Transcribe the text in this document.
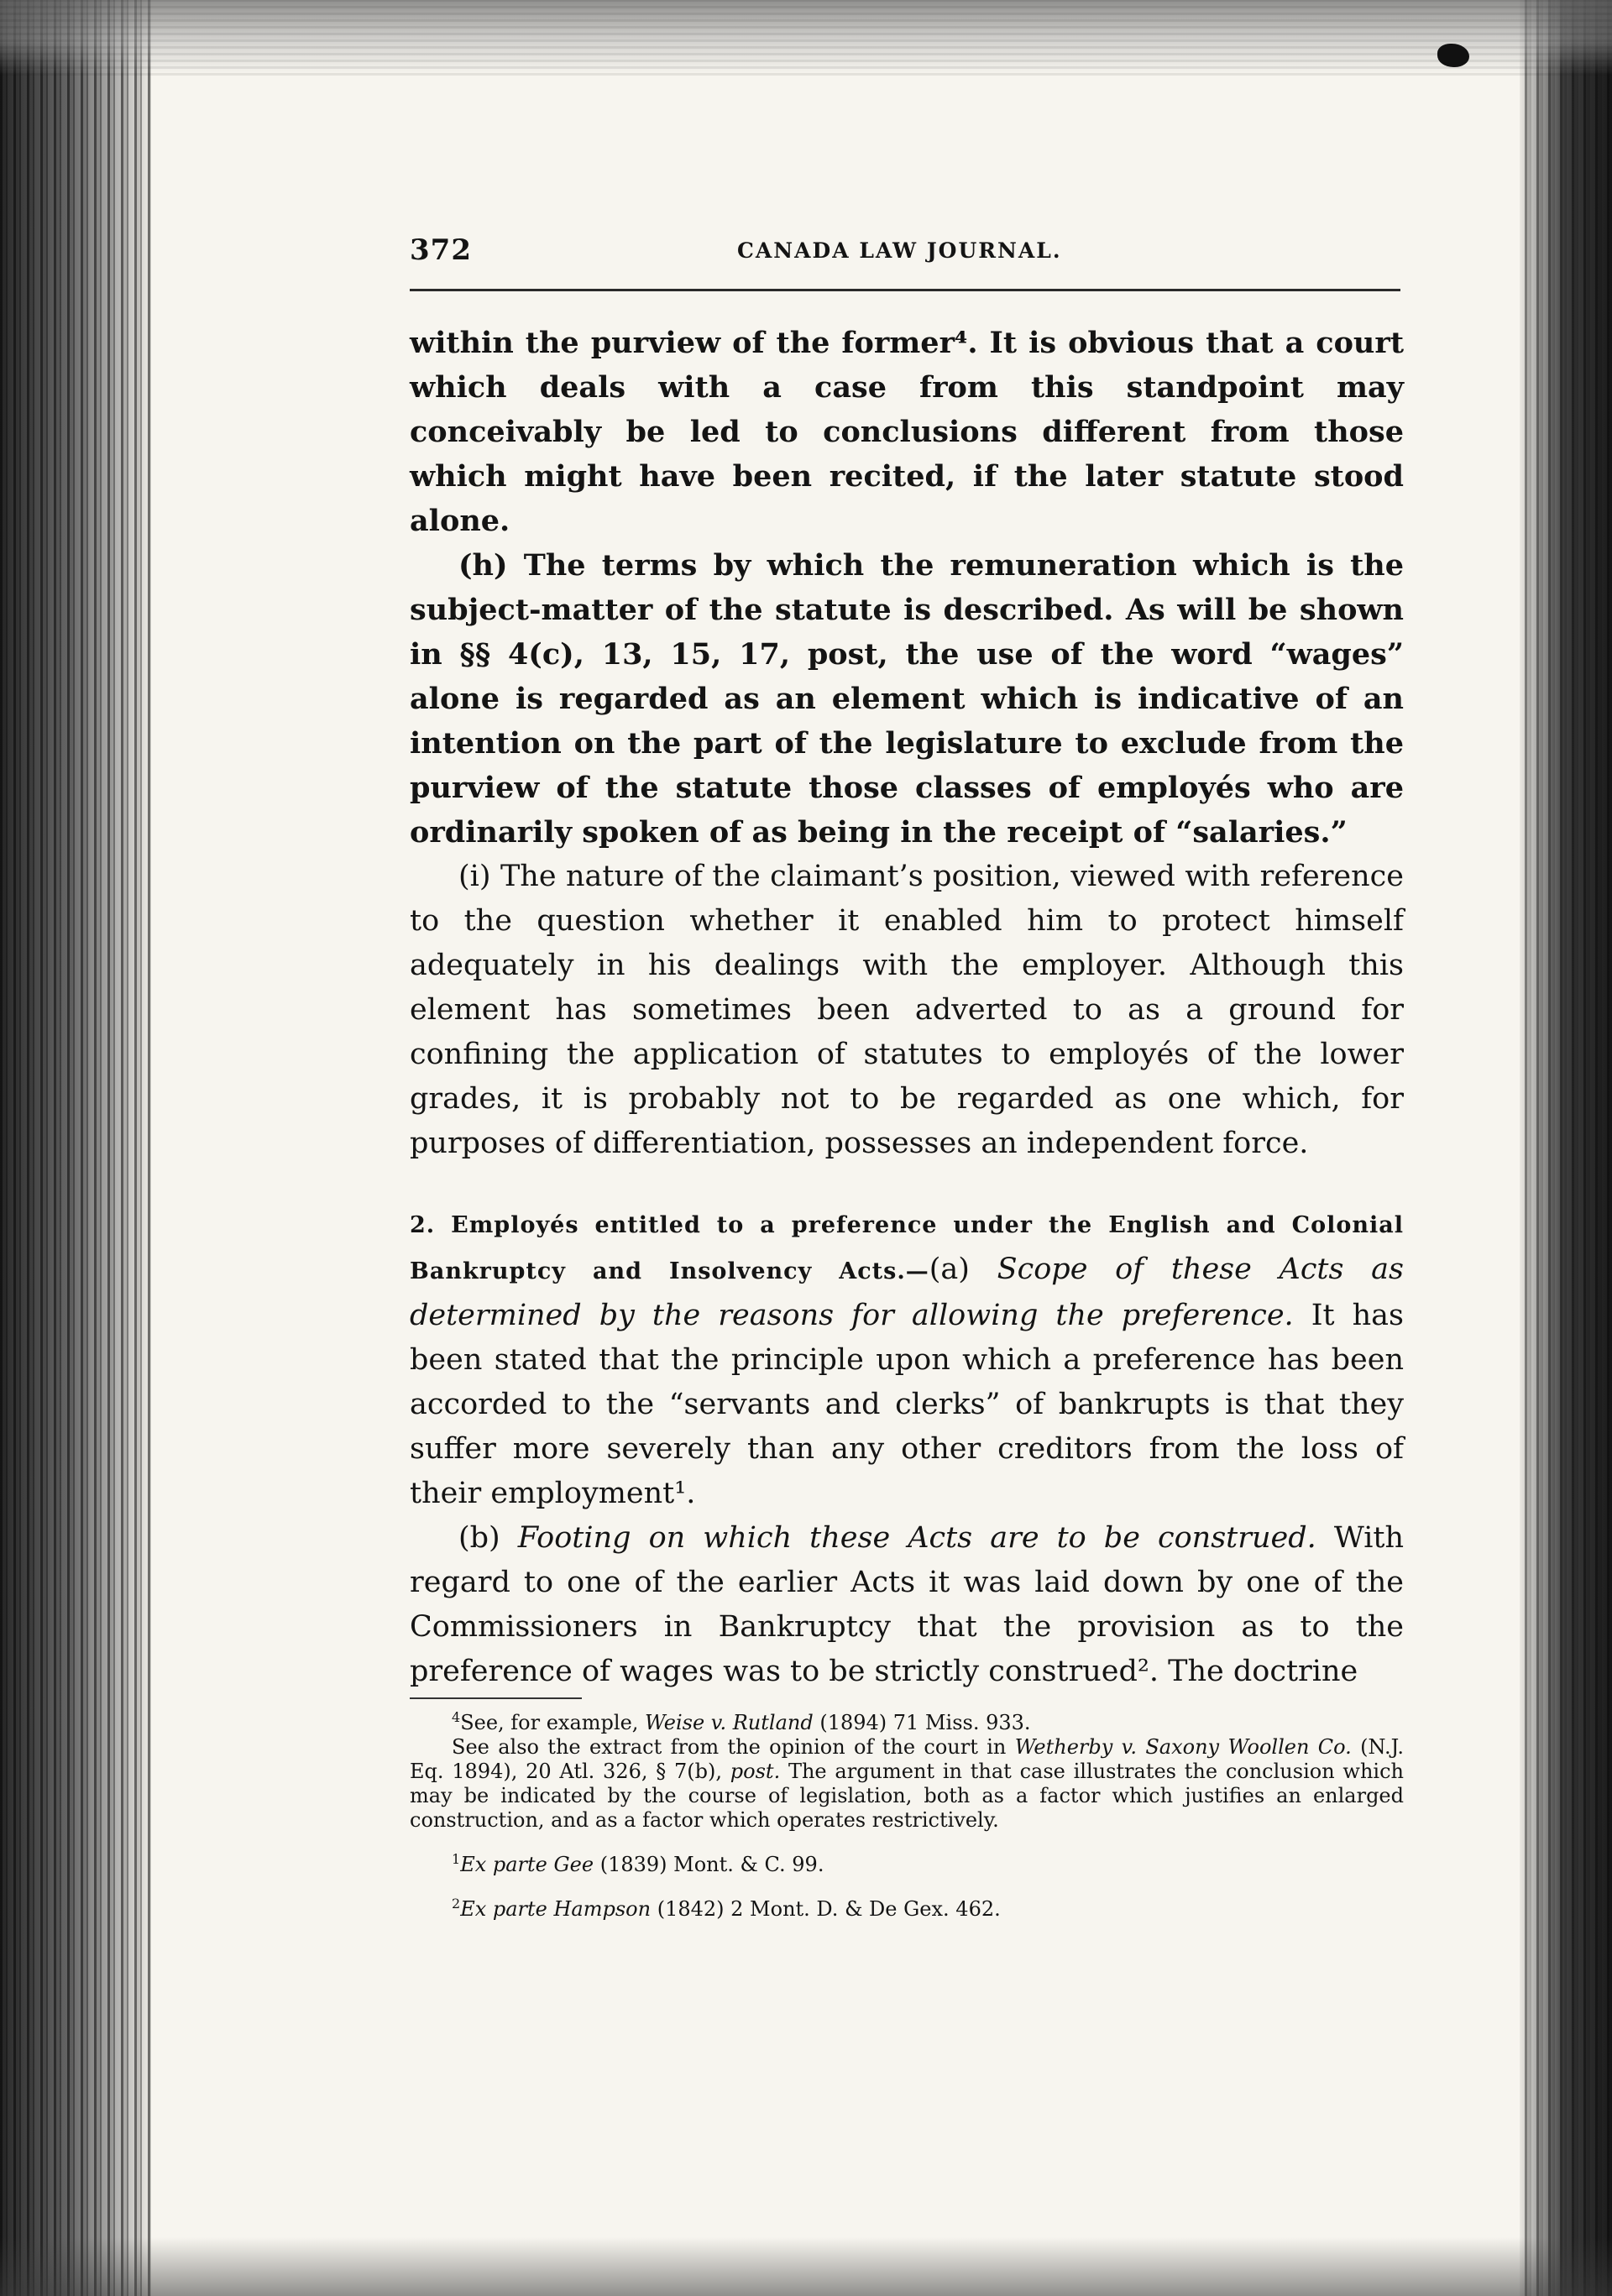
372	CANADA LAW JOURNAL.

within the purview of the former⁴. It is obvious that a court which deals with a case from this standpoint may conceivably be led to conclusions different from those which might have been recited, if the later statute stood alone.

(h) The terms by which the remuneration which is the subject-matter of the statute is described. As will be shown in §§ 4(c), 13, 15, 17, post, the use of the word “wages” alone is regarded as an element which is indicative of an intention on the part of the legislature to exclude from the purview of the statute those classes of employés who are ordinarily spoken of as being in the receipt of “salaries.”

(i) The nature of the claimant’s position, viewed with reference to the question whether it enabled him to protect himself adequately in his dealings with the employer. Although this element has sometimes been adverted to as a ground for confining the application of statutes to employés of the lower grades, it is probably not to be regarded as one which, for purposes of differentiation, possesses an independent force.

2. Employés entitled to a preference under the English and Colonial Bankruptcy and Insolvency Acts.—(a) Scope of these Acts as determined by the reasons for allowing the preference. It has been stated that the principle upon which a preference has been accorded to the “servants and clerks” of bankrupts is that they suffer more severely than any other creditors from the loss of their employment¹.

(b) Footing on which these Acts are to be construed. With regard to one of the earlier Acts it was laid down by one of the Commissioners in Bankruptcy that the provision as to the preference of wages was to be strictly construed². The doctrine

$^4$See, for example, Weise v. Rutland (1894) 71 Miss. 933.

See also the extract from the opinion of the court in Wetherby v. Saxony Woollen Co. (N.J. Eq. 1894), 20 Atl. 326, § 7(b), post. The argument in that case illustrates the conclusion which may be indicated by the course of legislation, both as a factor which justifies an enlarged construction, and as a factor which operates restrictively.

$^1$Ex parte Gee (1839) Mont. & C. 99.

$^2$Ex parte Hampson (1842) 2 Mont. D. & De Gex. 462.
